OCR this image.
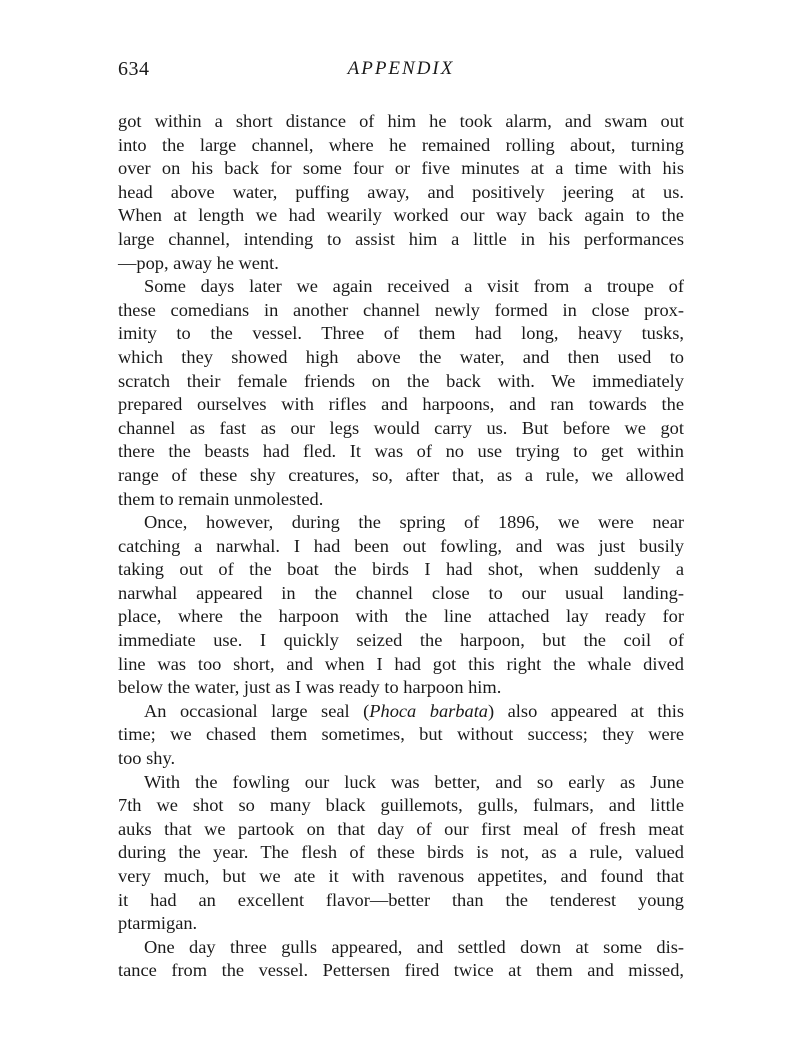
634	APPENDIX

got within a short distance of him he took alarm, and swam out
into the large channel, where he remained rolling about, turning
over on his back for some four or five minutes at a time with his
head above water, puffing away, and positively jeering at us.
When at length we had wearily worked our way back again to the
large channel, intending to assist him a little in his performances
—pop, away he went.

Some days later we again received a visit from a troupe of
these comedians in another channel newly formed in close prox-
imity to the vessel. Three of them had long, heavy tusks,
which they showed high above the water, and then used to
scratch their female friends on the back with. We immediately
prepared ourselves with rifles and harpoons, and ran towards the
channel as fast as our legs would carry us. But before we got
there the beasts had fled. It was of no use trying to get within
range of these shy creatures, so, after that, as a rule, we allowed
them to remain unmolested.

Once, however, during the spring of 1896, we were near
catching a narwhal. I had been out fowling, and was just busily
taking out of the boat the birds I had shot, when suddenly a
narwhal appeared in the channel close to our usual landing-
place, where the harpoon with the line attached lay ready for
immediate use. I quickly seized the harpoon, but the coil of
line was too short, and when I had got this right the whale dived
below the water, just as I was ready to harpoon him.

An occasional large seal (Phoca barbata) also appeared at this
time; we chased them sometimes, but without success; they were
too shy.

With the fowling our luck was better, and so early as June
7th we shot so many black guillemots, gulls, fulmars, and little
auks that we partook on that day of our first meal of fresh meat
during the year. The flesh of these birds is not, as a rule, valued
very much, but we ate it with ravenous appetites, and found that
it had an excellent flavor—better than the tenderest young
ptarmigan.

One day three gulls appeared, and settled down at some dis-
tance from the vessel. Pettersen fired twice at them and missed,
